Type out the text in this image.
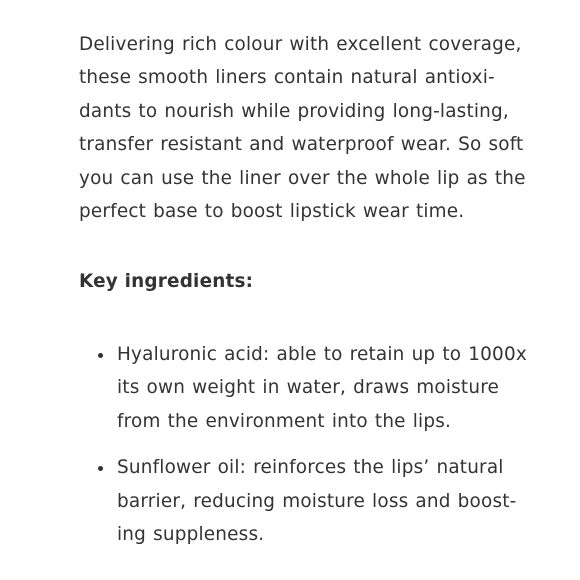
Delivering rich colour with excellent coverage,
these smooth liners contain natural antioxi-
dants to nourish while providing long-lasting,
transfer resistant and waterproof wear. So soft
you can use the liner over the whole lip as the
perfect base to boost lipstick wear time.

Key ingredients:
Hyaluronic acid: able to retain up to 1000x
its own weight in water, draws moisture
from the environment into the lips.
Sunflower oil: reinforces the lips’ natural
barrier, reducing moisture loss and boost-
ing suppleness.
